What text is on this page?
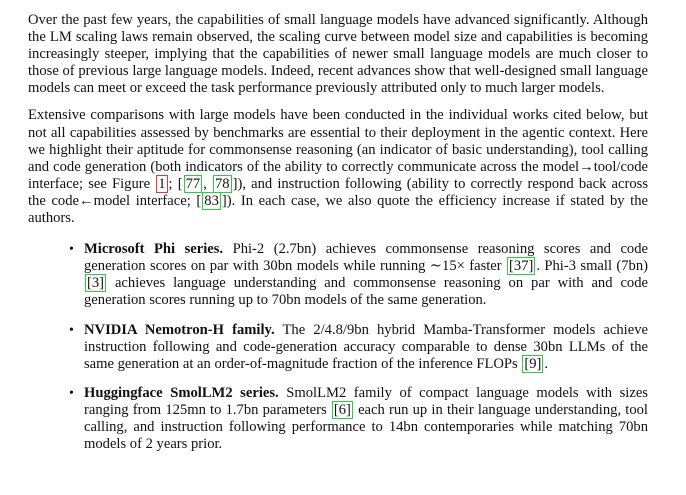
Over the past few years, the capabilities of small language models have advanced significantly. Although the LM scaling laws remain observed, the scaling curve between model size and capabilities is becoming increasingly steeper, implying that the capabilities of newer small language models are much closer to those of previous large language models. Indeed, recent advances show that well-designed small language models can meet or exceed the task performance previously attributed only to much larger models.

Extensive comparisons with large models have been conducted in the individual works cited below, but not all capabilities assessed by benchmarks are essential to their deployment in the agentic context. Here we highlight their aptitude for commonsense reasoning (an indicator of basic understanding), tool calling and code generation (both indicators of the ability to correctly communicate across the model→tool/code interface; see Figure 1 ; [ 77 , 78 ]), and instruction following (ability to correctly respond back across the code←model interface; [ 83 ]). In each case, we also quote the efficiency increase if stated by the authors.

• Microsoft Phi series. Phi-2 (2.7bn) achieves commonsense reasoning scores and code generation scores on par with 30bn models while running ∼15× faster [37] . Phi-3 small (7bn) [3] achieves language understanding and commonsense reasoning on par with and code generation scores running up to 70bn models of the same generation.
• NVIDIA Nemotron-H family. The 2/4.8/9bn hybrid Mamba-Transformer models achieve instruction following and code-generation accuracy comparable to dense 30bn LLMs of the same generation at an order-of-magnitude fraction of the inference FLOPs [9] .
• Huggingface SmolLM2 series. SmolLM2 family of compact language models with sizes ranging from 125mn to 1.7bn parameters [6] each run up in their language understanding, tool calling, and instruction following performance to 14bn contemporaries while matching 70bn models of 2 years prior.
